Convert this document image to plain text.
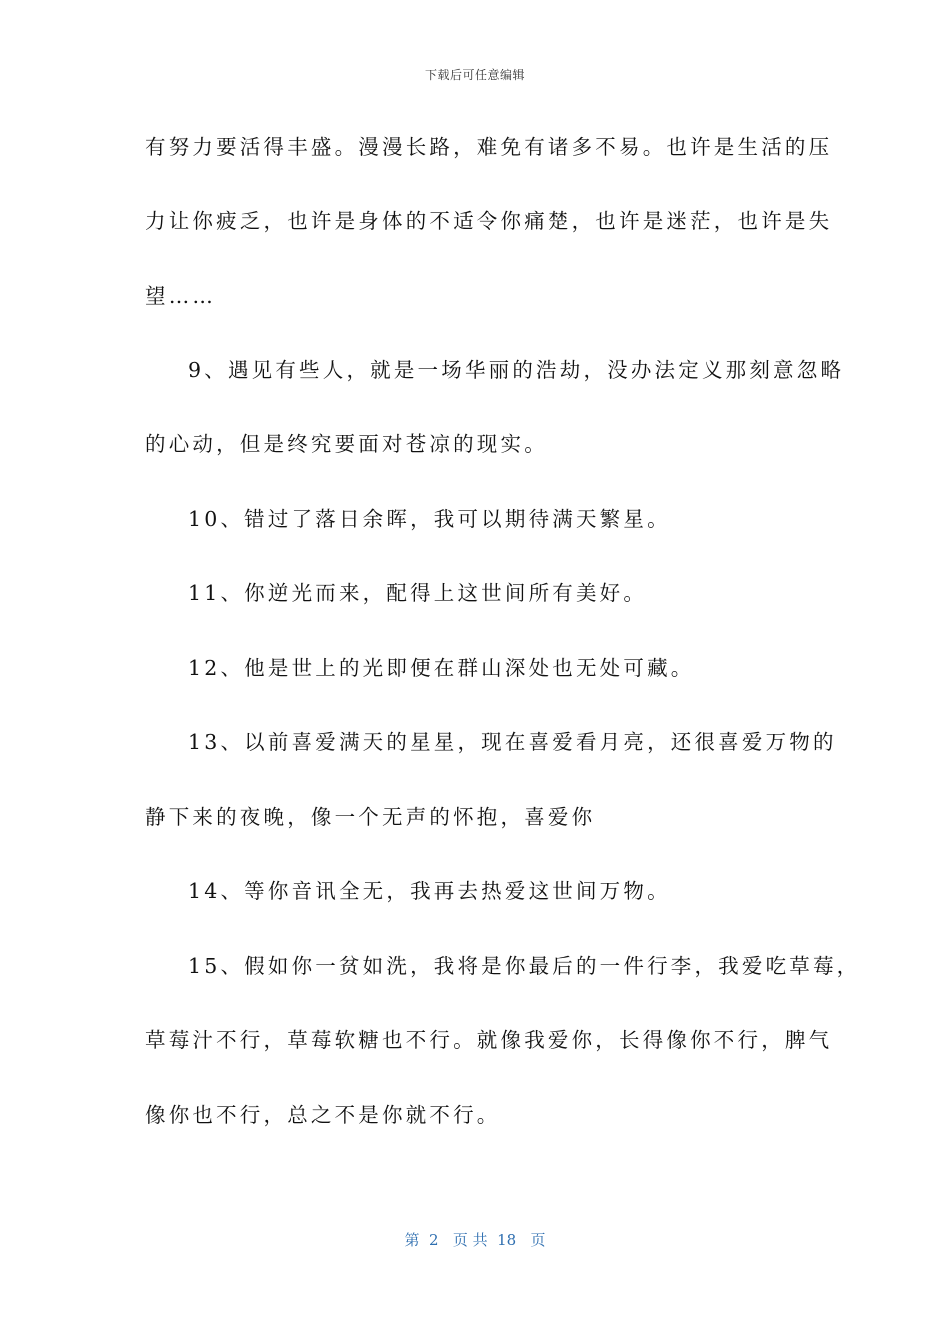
下载后可任意编辑
有努力要活得丰盛。漫漫长路，难免有诸多不易。也许是生活的压
力让你疲乏，也许是身体的不适令你痛楚，也许是迷茫，也许是失
望……
9、遇见有些人，就是一场华丽的浩劫，没办法定义那刻意忽略
的心动，但是终究要面对苍凉的现实。
10、错过了落日余晖，我可以期待满天繁星。
11、你逆光而来，配得上这世间所有美好。
12、他是世上的光即便在群山深处也无处可藏。
13、以前喜爱满天的星星，现在喜爱看月亮，还很喜爱万物的
静下来的夜晚，像一个无声的怀抱，喜爱你
14、等你音讯全无，我再去热爱这世间万物。
15、假如你一贫如洗，我将是你最后的一件行李，我爱吃草莓，
草莓汁不行，草莓软糖也不行。就像我爱你，长得像你不行，脾气
像你也不行，总之不是你就不行。
第  2   页 共  18   页
